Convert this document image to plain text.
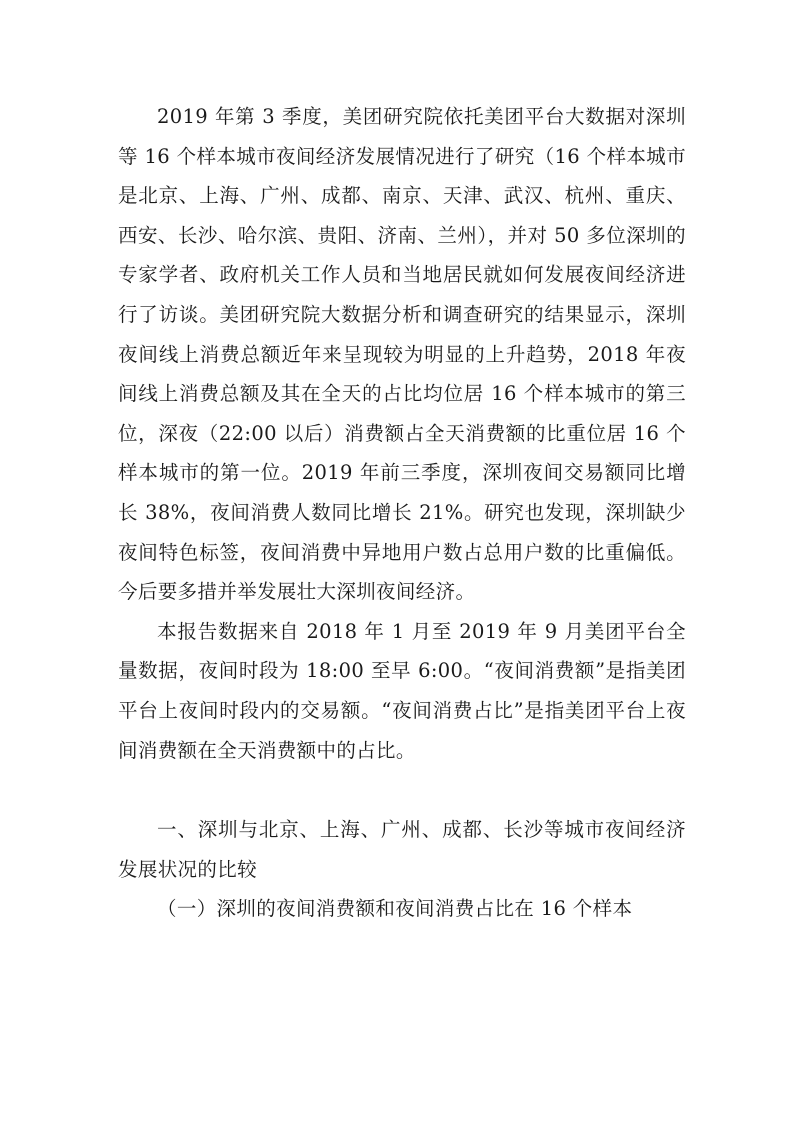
2019 年第 3 季度，美团研究院依托美团平台大数据对深圳等 16 个样本城市夜间经济发展情况进行了研究（16 个样本城市是北京、上海、广州、成都、南京、天津、武汉、杭州、重庆、西安、长沙、哈尔滨、贵阳、济南、兰州），并对 50 多位深圳的专家学者、政府机关工作人员和当地居民就如何发展夜间经济进行了访谈。美团研究院大数据分析和调查研究的结果显示，深圳夜间线上消费总额近年来呈现较为明显的上升趋势，2018 年夜间线上消费总额及其在全天的占比均位居 16 个样本城市的第三位，深夜（22:00 以后）消费额占全天消费额的比重位居 16 个样本城市的第一位。2019 年前三季度，深圳夜间交易额同比增长 38%，夜间消费人数同比增长 21%。研究也发现，深圳缺少夜间特色标签，夜间消费中异地用户数占总用户数的比重偏低。今后要多措并举发展壮大深圳夜间经济。

本报告数据来自 2018 年 1 月至 2019 年 9 月美团平台全量数据，夜间时段为 18:00 至早 6:00。“夜间消费额”是指美团平台上夜间时段内的交易额。“夜间消费占比”是指美团平台上夜间消费额在全天消费额中的占比。

一、深圳与北京、上海、广州、成都、长沙等城市夜间经济发展状况的比较

（一）深圳的夜间消费额和夜间消费占比在 16 个样本
